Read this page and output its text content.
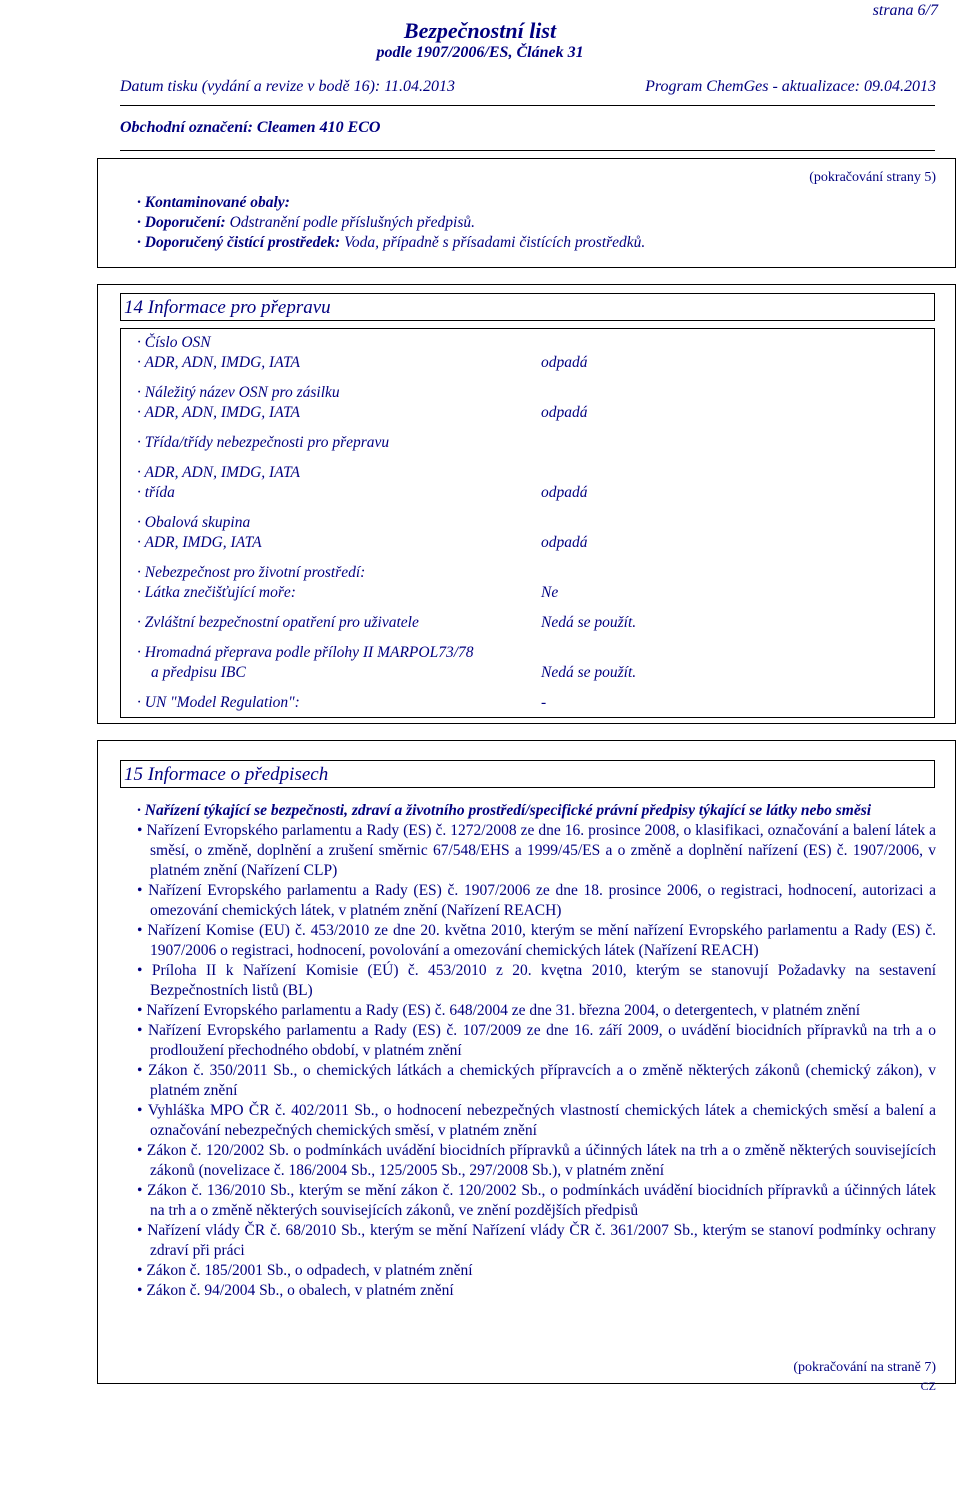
strana 6/7
Bezpečnostní list
podle 1907/2006/ES, Článek 31
Datum tisku (vydání a revize v bodě 16): 11.04.2013	Program ChemGes - aktualizace: 09.04.2013
Obchodní označení: Cleamen 410 ECO
(pokračování strany 5)
· Kontaminované obaly:
· Doporučení: Odstranění podle příslušných předpisů.
· Doporučený čistící prostředek: Voda, případně s přísadami čistících prostředků.
14 Informace pro přepravu
· Číslo OSN
· ADR, ADN, IMDG, IATA	odpadá
· Náležitý název OSN pro zásilku
· ADR, ADN, IMDG, IATA	odpadá
· Třída/třídy nebezpečnosti pro přepravu
· ADR, ADN, IMDG, IATA
· třída	odpadá
· Obalová skupina
· ADR, IMDG, IATA	odpadá
· Nebezpečnost pro životní prostředí:
· Látka znečišťující moře:	Ne
· Zvláštní bezpečnostní opatření pro uživatele	Nedá se použít.
· Hromadná přeprava podle přílohy II MARPOL73/78
a předpisu IBC	Nedá se použít.
· UN "Model Regulation":	-
15 Informace o předpisech
· Nařízení týkající se bezpečnosti, zdraví a životního prostředí/specifické právní předpisy týkající se látky nebo směsi
• Nařízení Evropského parlamentu a Rady (ES) č. 1272/2008 ze dne 16. prosince 2008, o klasifikaci, označování a balení látek a směsí, o změně, doplnění a zrušení směrnic 67/548/EHS a 1999/45/ES a o změně a doplnění nařízení (ES) č. 1907/2006, v platném znění (Nařízení CLP)
• Nařízení Evropského parlamentu a Rady (ES) č. 1907/2006 ze dne 18. prosince 2006, o registraci, hodnocení, autorizaci a omezování chemických látek, v platném znění (Nařízení REACH)
• Nařízení Komise (EU) č. 453/2010 ze dne 20. května 2010, kterým se mění nařízení Evropského parlamentu a Rady (ES) č. 1907/2006 o registraci, hodnocení, povolování a omezování chemických látek (Nařízení REACH)
• Príloha II k Nařízení Komisie (EÚ) č. 453/2010 z 20. kvętna 2010, kterým se stanovují Požadavky na sestavení Bezpečnostních listů (BL)
• Nařízení Evropského parlamentu a Rady (ES) č. 648/2004 ze dne 31. března 2004, o detergentech, v platném znění
• Nařízení Evropského parlamentu a Rady (ES) č. 107/2009 ze dne 16. září 2009, o uvádění biocidních přípravků na trh a o prodloužení přechodného období, v platném znění
• Zákon č. 350/2011 Sb., o chemických látkách a chemických přípravcích a o změně některých zákonů (chemický zákon), v platném znění
• Vyhláška MPO ČR č. 402/2011 Sb., o hodnocení nebezpečných vlastností chemických látek a chemických směsí a balení a označování nebezpečných chemických směsí, v platném znění
• Zákon č. 120/2002 Sb. o podmínkách uvádění biocidních přípravků a účinných látek na trh a o změně některých souvisejících zákonů (novelizace č. 186/2004 Sb., 125/2005 Sb., 297/2008 Sb.), v platném znění
• Zákon č. 136/2010 Sb., kterým se mění zákon č. 120/2002 Sb., o podmínkách uvádění biocidních přípravků a účinných látek na trh a o změně některých souvisejících zákonů, ve znění pozdějších předpisů
• Nařízení vlády ČR č. 68/2010 Sb., kterým se mění Nařízení vlády ČR č. 361/2007 Sb., kterým se stanoví podmínky ochrany zdraví při práci
• Zákon č. 185/2001 Sb., o odpadech, v platném znění
• Zákon č. 94/2004 Sb., o obalech, v platném znění
(pokračování na straně 7)
CZ
